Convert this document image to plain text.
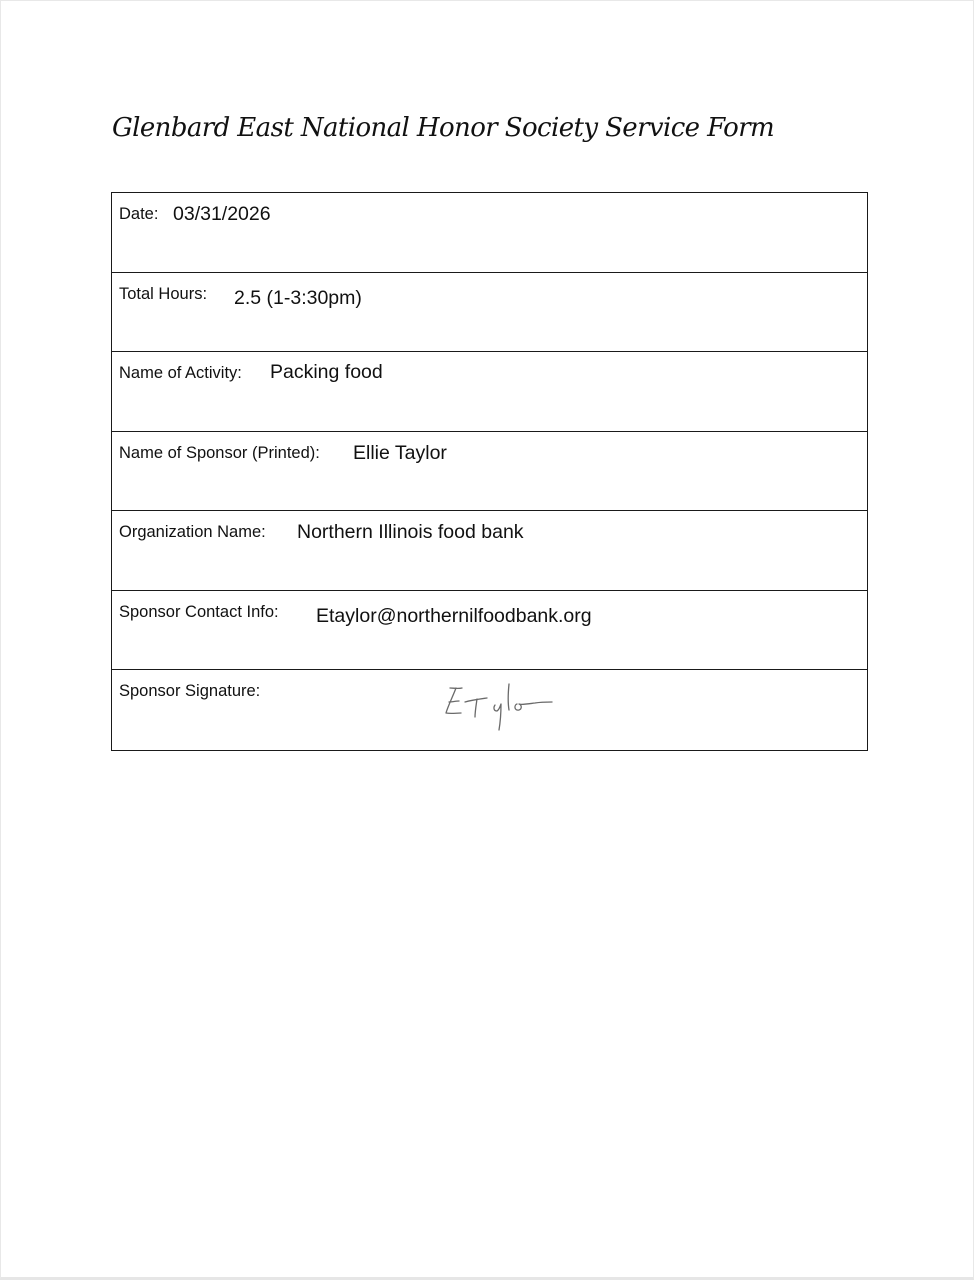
Glenbard East National Honor Society Service Form
Date: 03/31/2026
Total Hours: 2.5 (1-3:30pm)
Name of Activity: Packing food
Name of Sponsor (Printed): Ellie Taylor
Organization Name: Northern Illinois food bank
Sponsor Contact Info: Etaylor@northernilfoodbank.org
Sponsor Signature:
